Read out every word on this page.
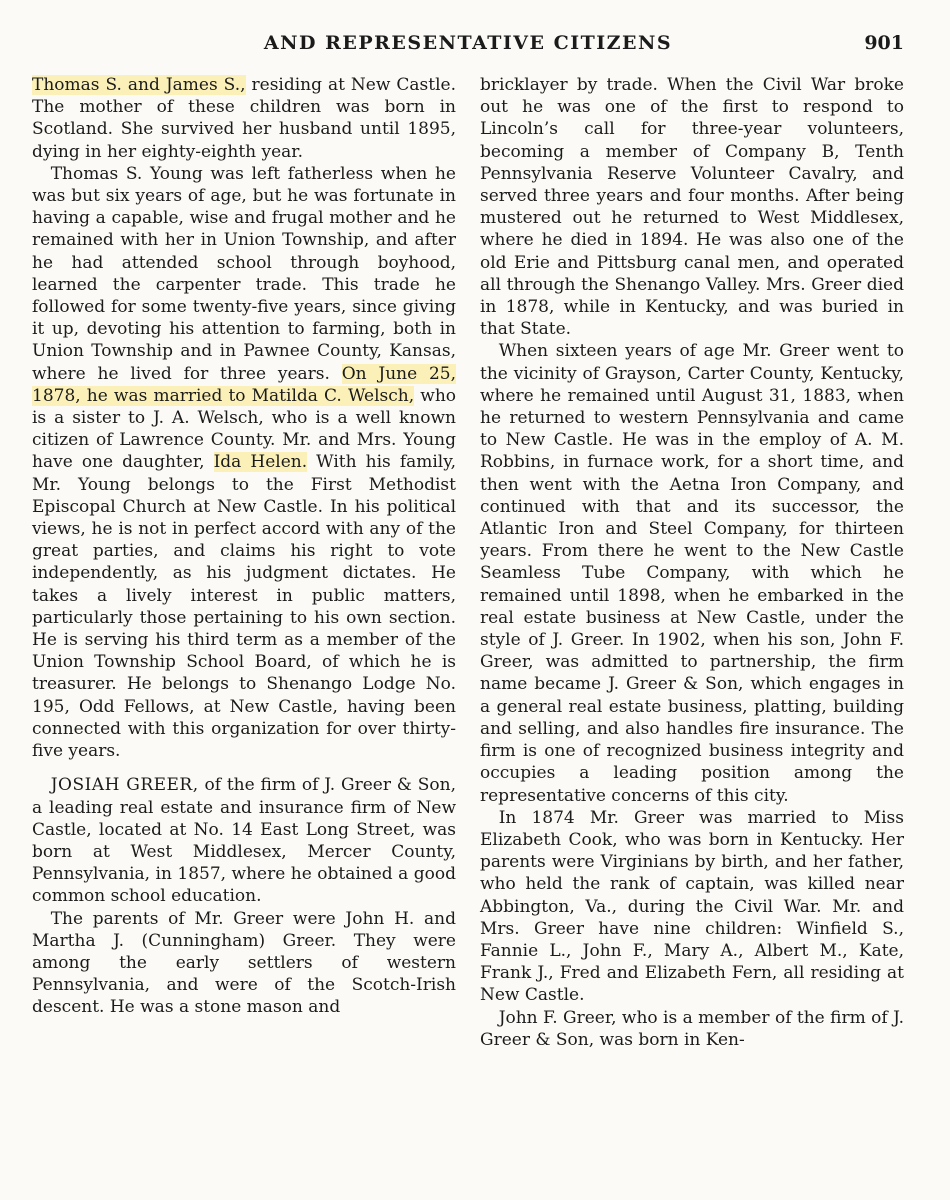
AND REPRESENTATIVE CITIZENS	901

Thomas S. and James S., residing at New Castle. The mother of these children was born in Scotland. She survived her husband until 1895, dying in her eighty-eighth year.

Thomas S. Young was left fatherless when he was but six years of age, but he was fortunate in having a capable, wise and frugal mother and he remained with her in Union Township, and after he had attended school through boyhood, learned the carpenter trade. This trade he followed for some twenty-five years, since giving it up, devoting his attention to farming, both in Union Township and in Pawnee County, Kansas, where he lived for three years. On June 25, 1878, he was married to Matilda C. Welsch, who is a sister to J. A. Welsch, who is a well known citizen of Lawrence County. Mr. and Mrs. Young have one daughter, Ida Helen. With his family, Mr. Young belongs to the First Methodist Episcopal Church at New Castle. In his political views, he is not in perfect accord with any of the great parties, and claims his right to vote independently, as his judgment dictates. He takes a lively interest in public matters, particularly those pertaining to his own section. He is serving his third term as a member of the Union Township School Board, of which he is treasurer. He belongs to Shenango Lodge No. 195, Odd Fellows, at New Castle, having been connected with this organization for over thirty-five years.

JOSIAH GREER, of the firm of J. Greer & Son, a leading real estate and insurance firm of New Castle, located at No. 14 East Long Street, was born at West Middlesex, Mercer County, Pennsylvania, in 1857, where he obtained a good common school education.

The parents of Mr. Greer were John H. and Martha J. (Cunningham) Greer. They were among the early settlers of western Pennsylvania, and were of the Scotch-Irish descent. He was a stone mason and

bricklayer by trade. When the Civil War broke out he was one of the first to respond to Lincoln’s call for three-year volunteers, becoming a member of Company B, Tenth Pennsylvania Reserve Volunteer Cavalry, and served three years and four months. After being mustered out he returned to West Middlesex, where he died in 1894. He was also one of the old Erie and Pittsburg canal men, and operated all through the Shenango Valley. Mrs. Greer died in 1878, while in Kentucky, and was buried in that State.

When sixteen years of age Mr. Greer went to the vicinity of Grayson, Carter County, Kentucky, where he remained until August 31, 1883, when he returned to western Pennsylvania and came to New Castle. He was in the employ of A. M. Robbins, in furnace work, for a short time, and then went with the Aetna Iron Company, and continued with that and its successor, the Atlantic Iron and Steel Company, for thirteen years. From there he went to the New Castle Seamless Tube Company, with which he remained until 1898, when he embarked in the real estate business at New Castle, under the style of J. Greer. In 1902, when his son, John F. Greer, was admitted to partnership, the firm name became J. Greer & Son, which engages in a general real estate business, platting, building and selling, and also handles fire insurance. The firm is one of recognized business integrity and occupies a leading position among the representative concerns of this city.

In 1874 Mr. Greer was married to Miss Elizabeth Cook, who was born in Kentucky. Her parents were Virginians by birth, and her father, who held the rank of captain, was killed near Abbington, Va., during the Civil War. Mr. and Mrs. Greer have nine children: Winfield S., Fannie L., John F., Mary A., Albert M., Kate, Frank J., Fred and Elizabeth Fern, all residing at New Castle.

John F. Greer, who is a member of the firm of J. Greer & Son, was born in Ken-
